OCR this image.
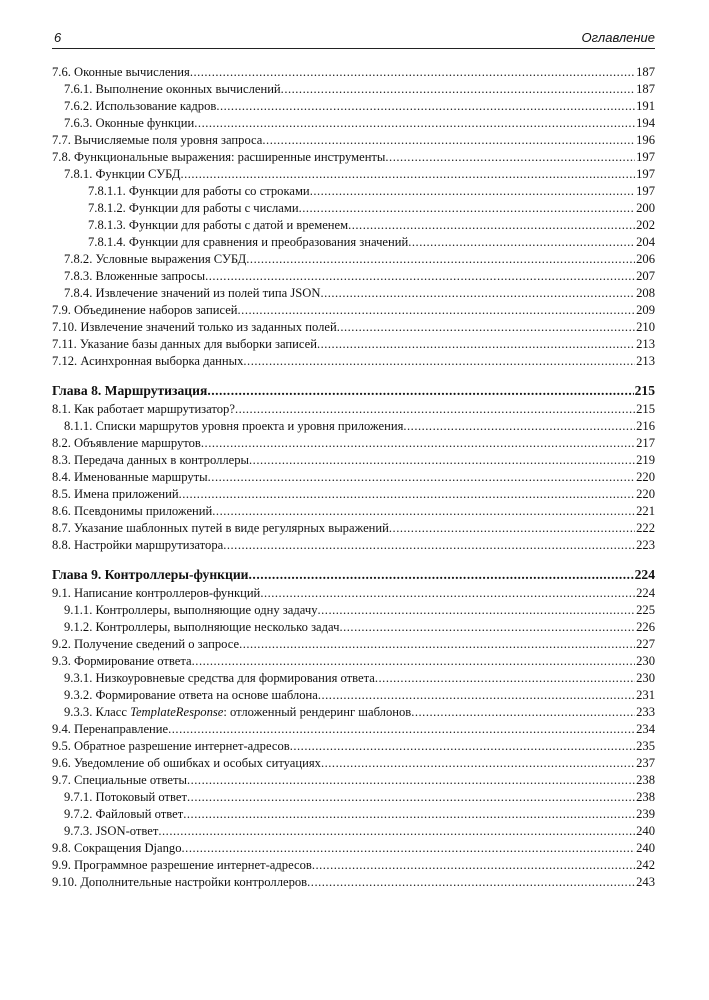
6	Оглавление
7.6. Оконные вычисления .....	187
7.6.1. Выполнение оконных вычислений .....	187
7.6.2. Использование кадров .....	191
7.6.3. Оконные функции .....	194
7.7. Вычисляемые поля уровня запроса .....	196
7.8. Функциональные выражения: расширенные инструменты .....	197
7.8.1. Функции СУБД .....	197
7.8.1.1. Функции для работы со строками .....	197
7.8.1.2. Функции для работы с числами .....	200
7.8.1.3. Функции для работы с датой и временем .....	202
7.8.1.4. Функции для сравнения и преобразования значений .....	204
7.8.2. Условные выражения СУБД .....	206
7.8.3. Вложенные запросы .....	207
7.8.4. Извлечение значений из полей типа JSON .....	208
7.9. Объединение наборов записей .....	209
7.10. Извлечение значений только из заданных полей .....	210
7.11. Указание базы данных для выборки записей .....	213
7.12. Асинхронная выборка данных .....	213
Глава 8. Маршрутизация .....	215
8.1. Как работает маршрутизатор? .....	215
8.1.1. Списки маршрутов уровня проекта и уровня приложения .....	216
8.2. Объявление маршрутов .....	217
8.3. Передача данных в контроллеры .....	219
8.4. Именованные маршруты .....	220
8.5. Имена приложений .....	220
8.6. Псевдонимы приложений .....	221
8.7. Указание шаблонных путей в виде регулярных выражений .....	222
8.8. Настройки маршрутизатора .....	223
Глава 9. Контроллеры-функции .....	224
9.1. Написание контроллеров-функций .....	224
9.1.1. Контроллеры, выполняющие одну задачу .....	225
9.1.2. Контроллеры, выполняющие несколько задач .....	226
9.2. Получение сведений о запросе .....	227
9.3. Формирование ответа .....	230
9.3.1. Низкоуровневые средства для формирования ответа .....	230
9.3.2. Формирование ответа на основе шаблона .....	231
9.3.3. Класс TemplateResponse: отложенный рендеринг шаблонов .....	233
9.4. Перенаправление .....	234
9.5. Обратное разрешение интернет-адресов .....	235
9.6. Уведомление об ошибках и особых ситуациях .....	237
9.7. Специальные ответы .....	238
9.7.1. Потоковый ответ .....	238
9.7.2. Файловый ответ .....	239
9.7.3. JSON-ответ .....	240
9.8. Сокращения Django .....	240
9.9. Программное разрешение интернет-адресов .....	242
9.10. Дополнительные настройки контроллеров .....	243
